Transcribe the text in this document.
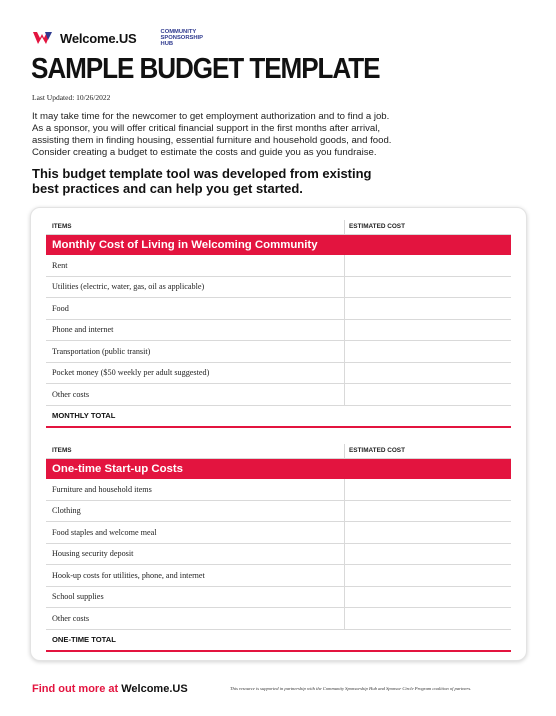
Welcome.US	COMMUNITY
SPONSORSHIP
HUB
SAMPLE BUDGET TEMPLATE
Last Updated: 10/26/2022

It may take time for the newcomer to get employment authorization and to find a job. As a sponsor, you will offer critical financial support in the first months after arrival, assisting them in finding housing, essential furniture and household goods, and food. Consider creating a budget to estimate the costs and guide you as you fundraise.

This budget template tool was developed from existing best practices and can help you get started.
ITEMS	ESTIMATED COST
Monthly Cost of Living in Welcoming Community
Rent
Utilities (electric, water, gas, oil as applicable)
Food
Phone and internet
Transportation (public transit)
Pocket money ($50 weekly per adult suggested)
Other costs
MONTHLY TOTAL
ITEMS	ESTIMATED COST
One-time Start-up Costs
Furniture and household items
Clothing
Food staples and welcome meal
Housing security deposit
Hook-up costs for utilities, phone, and internet
School supplies
Other costs
ONE-TIME TOTAL
Find out more at Welcome.US	This resource is supported in partnership with the Community Sponsorship Hub and Sponsor Circle Program coalition of partners.
